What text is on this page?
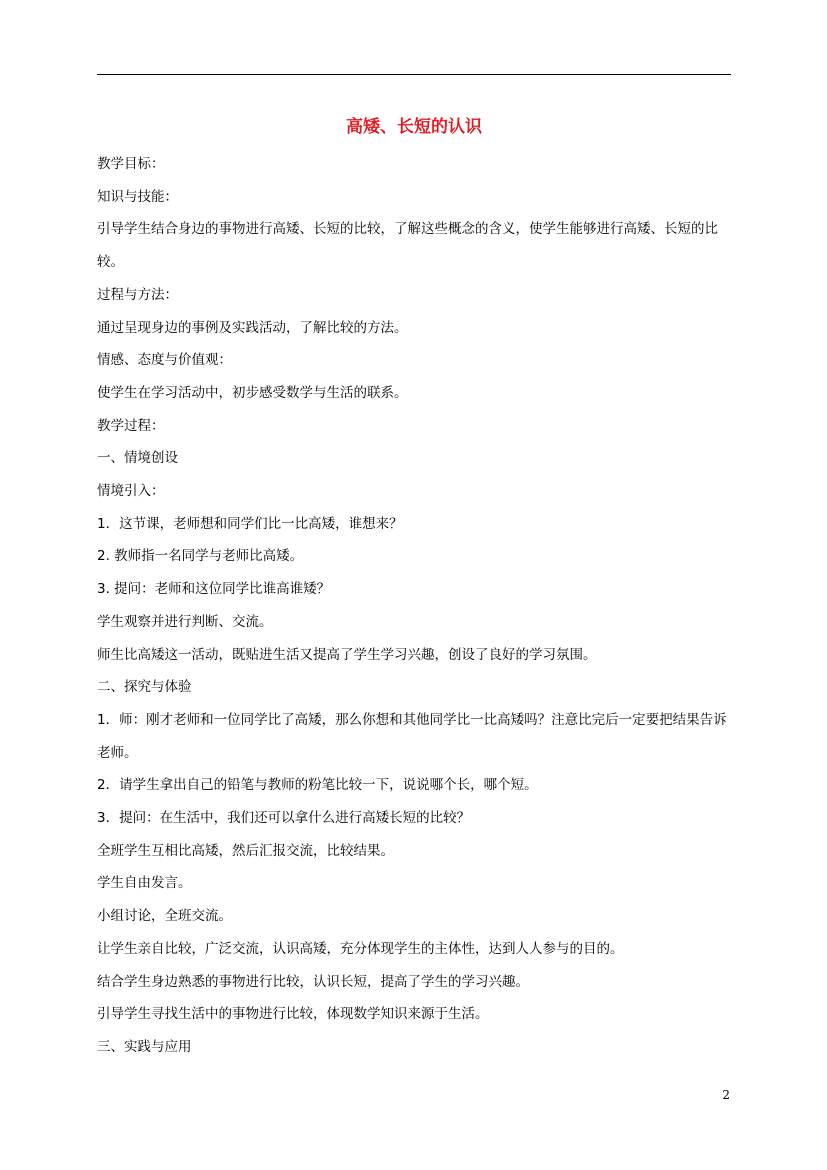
高矮、长短的认识

教学目标：

知识与技能：

引导学生结合身边的事物进行高矮、长短的比较，了解这些概念的含义，使学生能够进行高矮、长短的比较。

过程与方法：

通过呈现身边的事例及实践活动，了解比较的方法。

情感、态度与价值观：

使学生在学习活动中，初步感受数学与生活的联系。

教学过程：

一、情境创设

情境引入：

1．这节课，老师想和同学们比一比高矮，谁想来？

2. 教师指一名同学与老师比高矮。

3. 提问：老师和这位同学比谁高谁矮？

学生观察并进行判断、交流。

师生比高矮这一活动，既贴进生活又提高了学生学习兴趣，创设了良好的学习氛围。

二、探究与体验

1．师：刚才老师和一位同学比了高矮，那么你想和其他同学比一比高矮吗？注意比完后一定要把结果告诉老师。

2．请学生拿出自己的铅笔与教师的粉笔比较一下，说说哪个长，哪个短。

3．提问：在生活中，我们还可以拿什么进行高矮长短的比较？

全班学生互相比高矮，然后汇报交流，比较结果。

学生自由发言。

小组讨论，全班交流。

让学生亲自比较，广泛交流，认识高矮，充分体现学生的主体性，达到人人参与的目的。

结合学生身边熟悉的事物进行比较，认识长短，提高了学生的学习兴趣。

引导学生寻找生活中的事物进行比较，体现数学知识来源于生活。

三、实践与应用

2
